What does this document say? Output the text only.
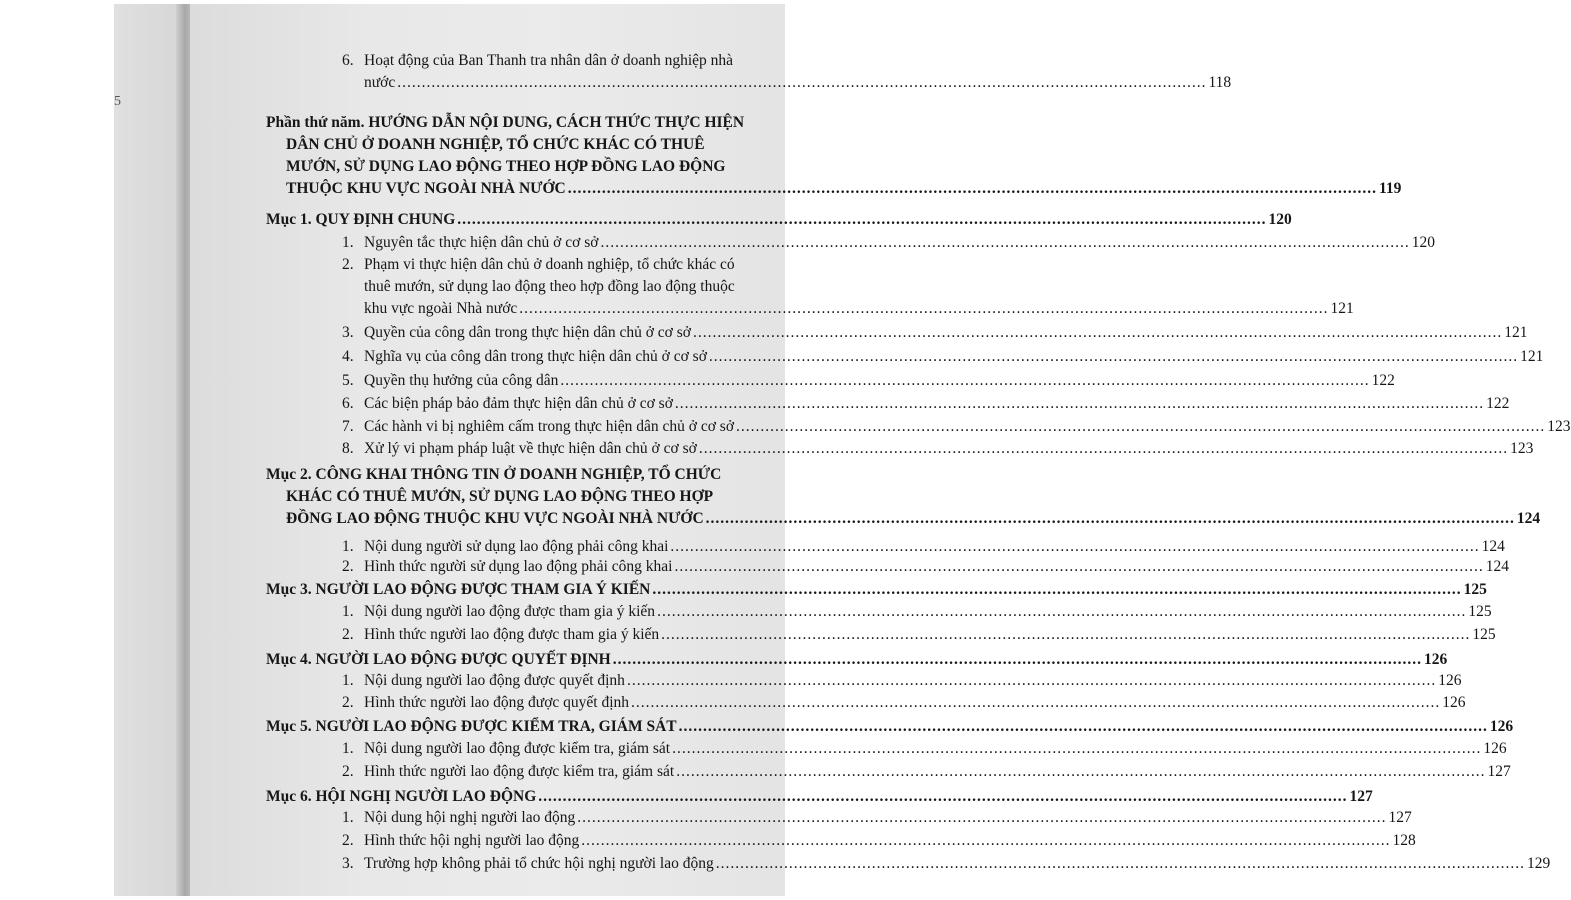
5
6. Hoạt động của Ban Thanh tra nhân dân ở doanh nghiệp nhà
nước .....	118
Phần thứ năm. HƯỚNG DẪN NỘI DUNG, CÁCH THỨC THỰC HIỆN
DÂN CHỦ Ở DOANH NGHIỆP, TỔ CHỨC KHÁC CÓ THUÊ
MƯỚN, SỬ DỤNG LAO ĐỘNG THEO HỢP ĐỒNG LAO ĐỘNG
THUỘC KHU VỰC NGOÀI NHÀ NƯỚC .....	119
Mục 1. QUY ĐỊNH CHUNG .....	120
1. Nguyên tắc thực hiện dân chủ ở cơ sở .....	120
2. Phạm vi thực hiện dân chủ ở doanh nghiệp, tổ chức khác có
thuê mướn, sử dụng lao động theo hợp đồng lao động thuộc
khu vực ngoài Nhà nước .....	121
3. Quyền của công dân trong thực hiện dân chủ ở cơ sở .....	121
4. Nghĩa vụ của công dân trong thực hiện dân chủ ở cơ sở .....	121
5. Quyền thụ hưởng của công dân .....	122
6. Các biện pháp bảo đảm thực hiện dân chủ ở cơ sở .....	122
7. Các hành vi bị nghiêm cấm trong thực hiện dân chủ ở cơ sở .....	123
8. Xử lý vi phạm pháp luật về thực hiện dân chủ ở cơ sở .....	123
Mục 2. CÔNG KHAI THÔNG TIN Ở DOANH NGHIỆP, TỔ CHỨC
KHÁC CÓ THUÊ MƯỚN, SỬ DỤNG LAO ĐỘNG THEO HỢP
ĐỒNG LAO ĐỘNG THUỘC KHU VỰC NGOÀI NHÀ NƯỚC .....	124
1. Nội dung người sử dụng lao động phải công khai .....	124
2. Hình thức người sử dụng lao động phải công khai .....	124
Mục 3. NGƯỜI LAO ĐỘNG ĐƯỢC THAM GIA Ý KIẾN .....	125
1. Nội dung người lao động được tham gia ý kiến .....	125
2. Hình thức người lao động được tham gia ý kiến .....	125
Mục 4. NGƯỜI LAO ĐỘNG ĐƯỢC QUYẾT ĐỊNH .....	126
1. Nội dung người lao động được quyết định .....	126
2. Hình thức người lao động được quyết định .....	126
Mục 5. NGƯỜI LAO ĐỘNG ĐƯỢC KIỂM TRA, GIÁM SÁT .....	126
1. Nội dung người lao động được kiểm tra, giám sát .....	126
2. Hình thức người lao động được kiểm tra, giám sát .....	127
Mục 6. HỘI NGHỊ NGƯỜI LAO ĐỘNG .....	127
1. Nội dung hội nghị người lao động .....	127
2. Hình thức hội nghị người lao động .....	128
3. Trường hợp không phải tổ chức hội nghị người lao động .....	129
